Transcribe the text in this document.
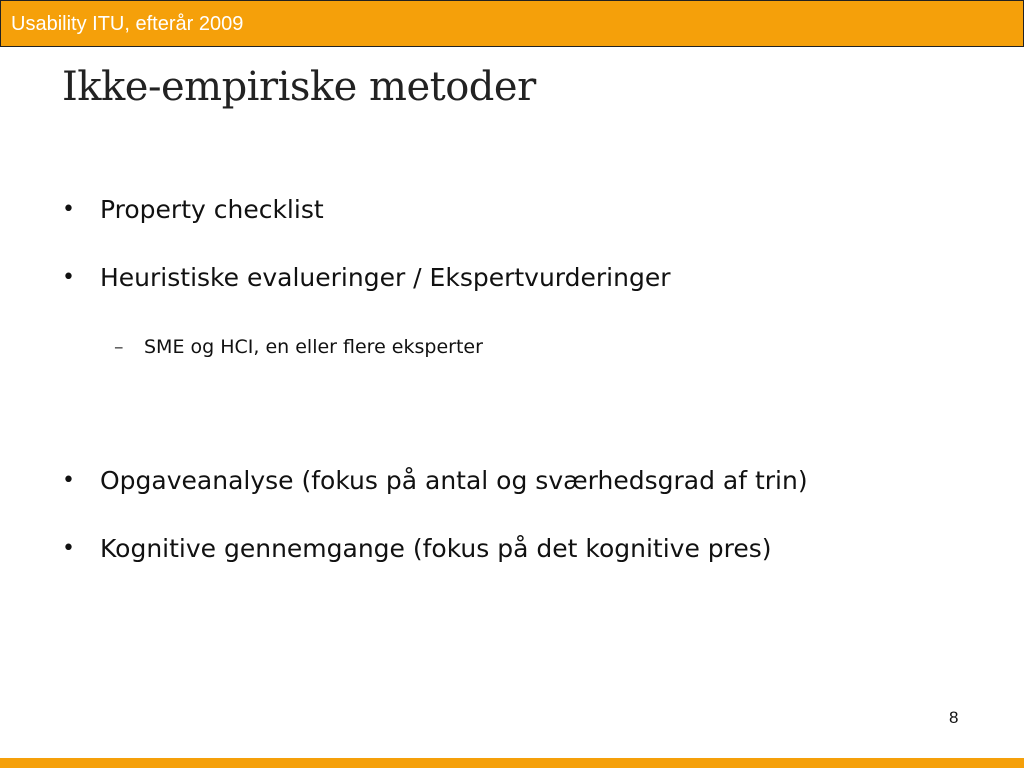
Usability ITU, efterår 2009
Ikke-empiriske metoder
• Property checklist
• Heuristiske evalueringer / Ekspertvurderinger
– SME og HCI, en eller flere eksperter
• Opgaveanalyse (fokus på antal og sværhedsgrad af trin)
• Kognitive gennemgange (fokus på det kognitive pres)
8
